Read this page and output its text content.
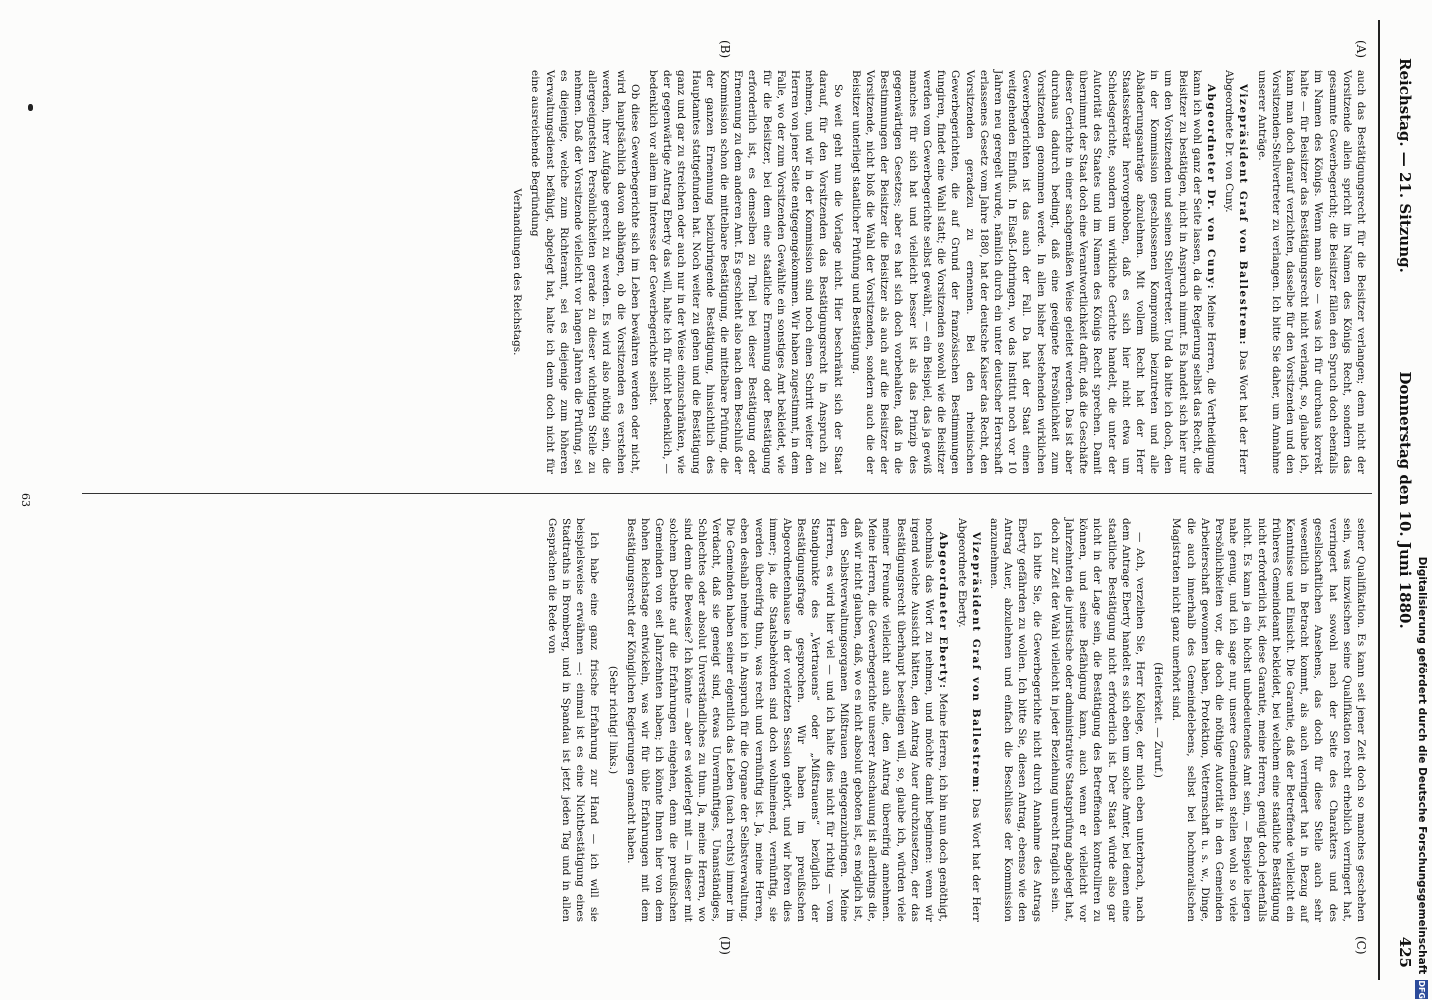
Reichstag. — 21. Sitzung.
Donnerstag den 10. Juni 1880.
425
(A)
(B)
(C)
(D)

auch das Bestätigungsrecht für die Beisitzer verlangen; denn nicht der Vorsitzende allein spricht im Namen des Königs Recht, sondern das gesammte Gewerbegericht; die Beisitzer fällen den Spruch doch ebenfalls im Namen des Königs. Wenn man also — was ich für durchaus korrekt halte — für Beisitzer das Bestätigungsrecht nicht verlangt, so, glaube ich, kann man doch darauf verzichten, dasselbe für den Vorsitzenden und den Vorsitzenden-Stellvertreter zu verlangen. Ich bitte Sie daher, um Annahme unserer Anträge.

Vizepräsident Graf von Ballestrem: Das Wort hat der Herr Abgeordnete Dr. von Cuny.

Abgeordneter Dr. von Cuny: Meine Herren, die Vertheidigung kann ich wohl ganz der Seite lassen, da die Regierung selbst das Recht, die Beisitzer zu bestätigen, nicht in Anspruch nimmt. Es handelt sich hier nur um den Vorsitzenden und seinen Stellvertreter. Und da bitte ich doch, den in der Kommission geschlossenen Kompromiß beizutreten und alle Abänderungsanträge abzulehnen. Mit vollem Recht hat der Herr Staatssekretär hervorgehoben, daß es sich hier nicht etwa um Schiedsgerichte, sondern um wirkliche Gerichte handelt, die unter der Autorität des Staates und im Namen des Königs Recht sprechen. Damit übernimmt der Staat doch eine Verantwortlichkeit dafür, daß die Geschäfte dieser Gerichte in einer sachgemäßen Weise geleitet werden. Das ist aber durchaus dadurch bedingt, daß eine geeignete Persönlichkeit zum Vorsitzenden genommen werde. In allen bisher bestehenden wirklichen Gewerbegerichten ist das auch der Fall. Da hat der Staat einen weitgehenden Einfluß. In Elsaß-Lothringen, wo das Institut noch vor 10 Jahren neu geregelt wurde, nämlich durch ein unter deutscher Herrschaft erlassenes Gesetz vom Jahre 1880, hat der deutsche Kaiser das Recht, den Vorsitzenden geradezu zu ernennen. Bei den rheinischen Gewerbegerichten, die auf Grund der französischen Bestimmungen fungiren, findet eine Wahl statt; die Vorsitzenden sowohl wie die Beisitzer werden vom Gewerbegerichte selbst gewählt, — ein Beispiel, das ja gewiß manches für sich hat und vielleicht besser ist als das Prinzip des gegenwärtigen Gesetzes; aber es hat sich doch vorbehalten, daß in die Bestimmungen der Beisitzer die Beisitzer als auch auf die Beisitzer der Vorsitzende, nicht bloß die Wahl der Vorsitzenden, sondern auch die der Beisitzer unterliegt staatlicher Prüfung und Bestätigung.

So weit geht nun die Vorlage nicht. Hier beschränkt sich der Staat darauf, für den Vorsitzenden das Bestätigungsrecht in Anspruch zu nehmen, und wir in der Kommission sind noch einen Schritt weiter den Herren von jener Seite entgegengekommen. Wir haben zugestimmt, in dem Falle, wo der zum Vorsitzenden Gewählte ein sonstiges Amt bekleidet, wie für die Beisitzer, bei dem eine staatliche Ernennung oder Bestätigung erforderlich ist, es demselben zu Theil bei dieser Bestätigung oder Ernennung zu dem anderen Amt. Es geschieht also nach dem Beschluß der Kommission schon die mittelbare Bestätigung, die mittelbare Prüfung, die der ganzen Ernennung beizubringende Bestätigung, hinsichtlich des Hauptamtes stattgefunden hat. Noch weiter zu gehen und die Bestätigung ganz und gar zu streichen oder auch nur in der Weise einzuschränken, wie der gegenwärtige Antrag Eberty das will, halte ich für nicht bedenklich, — bedenklich vor allem im Interesse der Gewerbegerichte selbst.

Ob diese Gewerbegerichte sich im Leben bewähren werden oder nicht, wird hauptsächlich davon abhängen, ob die Vorsitzenden es verstehen werden, ihrer Aufgabe gerecht zu werden. Es wird also nöthig sein, die allergeeignetsten Persönlichkeiten gerade zu dieser wichtigen Stelle zu nehmen. Daß der Vorsitzende vielleicht vor langen Jahren die Prüfung, sei es diejenige, welche zum Richteramt, sei es diejenige zum höheren Verwaltungsdienst befähigt, abgelegt hat, halte ich denn doch nicht für eine ausreichende Begründung

Verhandlungen des Reichstags.

seiner Qualifikation. Es kann seit jener Zeit doch so manches geschehen sein, was inzwischen seine Qualifikation recht erheblich verringert hat, verringert hat sowohl nach der Seite des Charakters und des gesellschaftlichen Ansehens, das doch für diese Stelle auch sehr wesentlich in Betracht kommt, als auch verringert hat in Bezug auf Kenntnisse und Einsicht. Die Garantie, daß der Betreffende vielleicht ein früheres Gemeindeamt bekleidet, bei welchem eine staatliche Bestätigung nicht erforderlich ist, diese Garantie, meine Herren, genügt doch jedenfalls nicht. Es kann ja ein höchst unbedeutendes Amt sein, — Beispiele liegen nahe genug, und ich sage nur, unsere Gemeinden stellen wohl so viele Persönlichkeiten vor, die doch die nöthige Autorität in den Gemeinden Arbeiterschaft gewonnen haben, Protektion, Vetternschaft u. s. w., Dinge, die auch innerhalb des Gemeindelebens, selbst bei hochmoralischen Magistraten nicht ganz unerhört sind.

(Heiterkeit. — Zuruf.)

— Ach, verzeihen Sie, Herr Kollege, der mich eben unterbrach, nach dem Antrage Eberty handelt es sich eben um solche Amter, bei denen eine staatliche Bestätigung nicht erforderlich ist. Der Staat würde also gar nicht in der Lage sein, die Bestätigung des Betreffenden kontrolliren zu können, und seine Befähigung kann, auch wenn er vielleicht vor Jahrzehnten die juristische oder administrative Staatsprüfung abgelegt hat, doch zur Zeit der Wahl vielleicht in jeder Beziehung unrecht fraglich sein.

Ich bitte Sie, die Gewerbegerichte nicht durch Annahme des Antrags Eberty gefährden zu wollen. Ich bitte Sie, diesen Antrag, ebenso wie den Antrag Auer, abzulehnen und einfach die Beschlüsse der Kommission anzunehmen.

Vizepräsident Graf von Ballestrem: Das Wort hat der Herr Abgeordnete Eberty.

Abgeordneter Eberty: Meine Herren, ich bin nun doch genöthigt, nochmals das Wort zu nehmen, und möchte damit beginnen: wenn wir irgend welche Aussicht hätten, den Antrag Auer durchzusetzen, der das Bestätigungsrecht überhaupt beseitigen will, so, glaube ich, würden viele meiner Freunde vielleicht auch alle, den Antrag übereifrig annehmen. Meine Herren, die Gewerbegerichte unserer Anschauung ist allerdings die, daß wir nicht glauben, daß, wo es nicht absolut geboten ist, es möglich ist, den Selbstverwaltungsorganen Mißtrauen entgegenzubringen. Meine Herren, es wird hier viel — und ich halte dies nicht für richtig — vom Standpunkte des „Vertrauens“ oder „Mißtrauens“ bezüglich der Bestätigungsfrage gesprochen. Wir haben im preußischen Abgeordnetenhause in der vorletzten Session gehört, und wir hören dies immer; ja, die Staatsbehörden sind doch wohlmeinend, vernünftig, sie werden übereifrig thun, was recht und vernünftig ist. Ja, meine Herren, eben deshalb nehme ich in Anspruch für die Organe der Selbstverwaltung. Die Gemeinden haben seiner eigentlich das Leben (nach rechts) immer im Verdacht, daß sie geneigt sind, etwas Unvernünftiges, Unanständiges, Schlechtes oder absolut Unverständliches zu thun. Ja, meine Herren, wo sind denn die Beweise? Ich könnte — aber es widerlegt mit — in dieser mit solchem Debatte auf die Erfahrungen eingehen, denn die preußischen Gemeinden von seit Jahrzehnten haben; ich könnte Ihnen hier von dem hohen Reichstage entwickeln, was wir für üble Erfahrungen mit dem Bestätigungsrecht der Königlichen Regierungen gemacht haben.

(Sehr richtig! links.)

Ich habe eine ganz frische Erfahrung zur Hand — ich will sie beispielsweise erwähnen —: einmal ist es eine Nichtbestätigung eines Stadtraths in Bromberg, und in Spandau ist jetzt jeden Tag und in allen Gesprächen die Rede von

63
Digitalisierung gefördert durch die Deutsche Forschungsgemeinschaft
DFG
